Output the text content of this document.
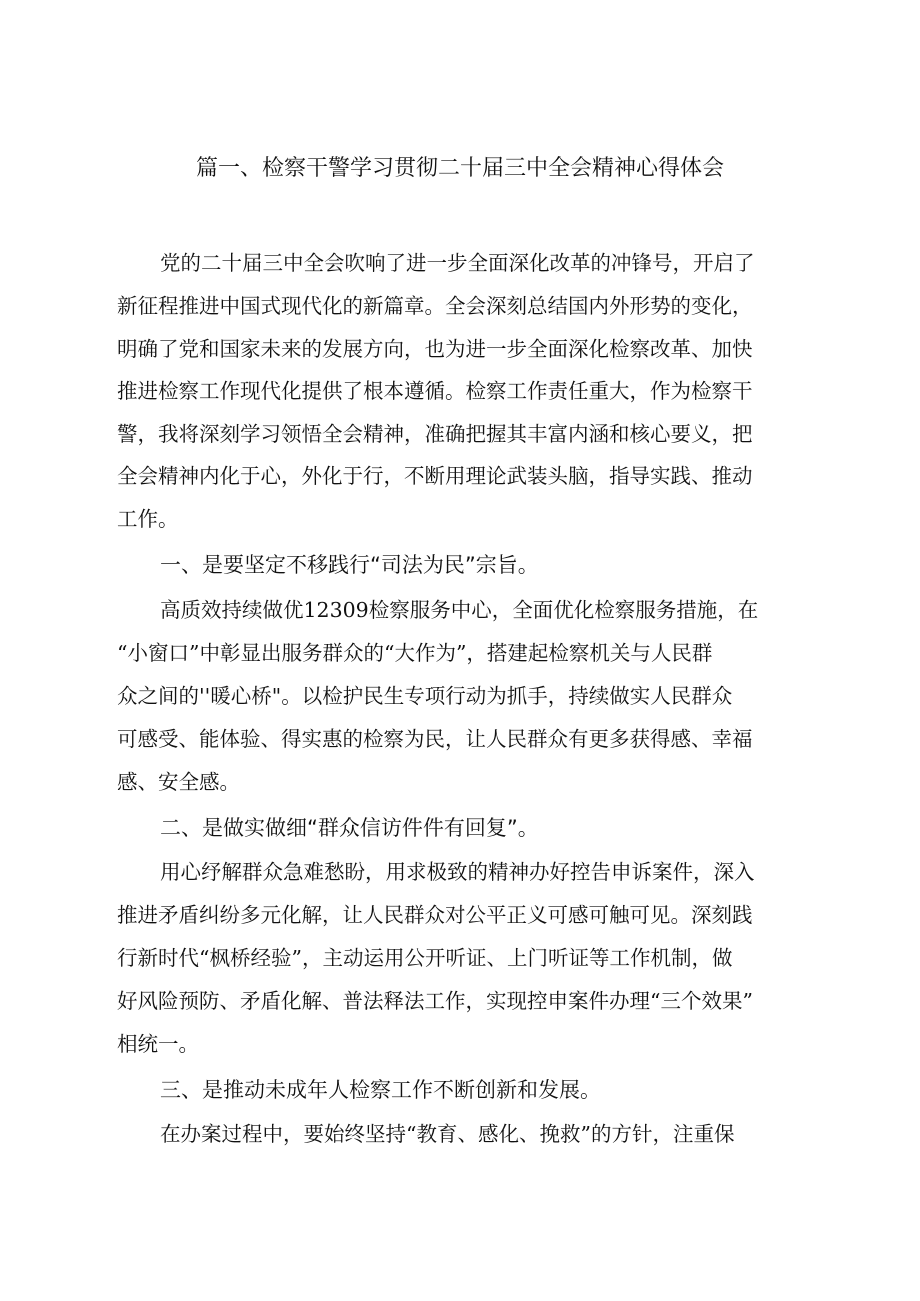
篇一、检察干警学习贯彻二十届三中全会精神心得体会
党的二十届三中全会吹响了进一步全面深化改革的冲锋号，开启了
新征程推进中国式现代化的新篇章。全会深刻总结国内外形势的变化，
明确了党和国家未来的发展方向，也为进一步全面深化检察改革、加快
推进检察工作现代化提供了根本遵循。检察工作责任重大，作为检察干
警，我将深刻学习领悟全会精神，准确把握其丰富内涵和核心要义，把
全会精神内化于心，外化于行，不断用理论武装头脑，指导实践、推动
工作。
一、是要坚定不移践行“司法为民”宗旨。
高质效持续做优12309检察服务中心，全面优化检察服务措施，在
“小窗口”中彰显出服务群众的“大作为”，搭建起检察机关与人民群
众之间的''暖心桥"。以检护民生专项行动为抓手，持续做实人民群众
可感受、能体验、得实惠的检察为民，让人民群众有更多获得感、幸福
感、安全感。
二、是做实做细“群众信访件件有回复”。
用心纾解群众急难愁盼，用求极致的精神办好控告申诉案件，深入
推进矛盾纠纷多元化解，让人民群众对公平正义可感可触可见。深刻践
行新时代“枫桥经验”，主动运用公开听证、上门听证等工作机制，做
好风险预防、矛盾化解、普法释法工作，实现控申案件办理“三个效果”
相统一。
三、是推动未成年人检察工作不断创新和发展。
在办案过程中，要始终坚持“教育、感化、挽救”的方针，注重保
